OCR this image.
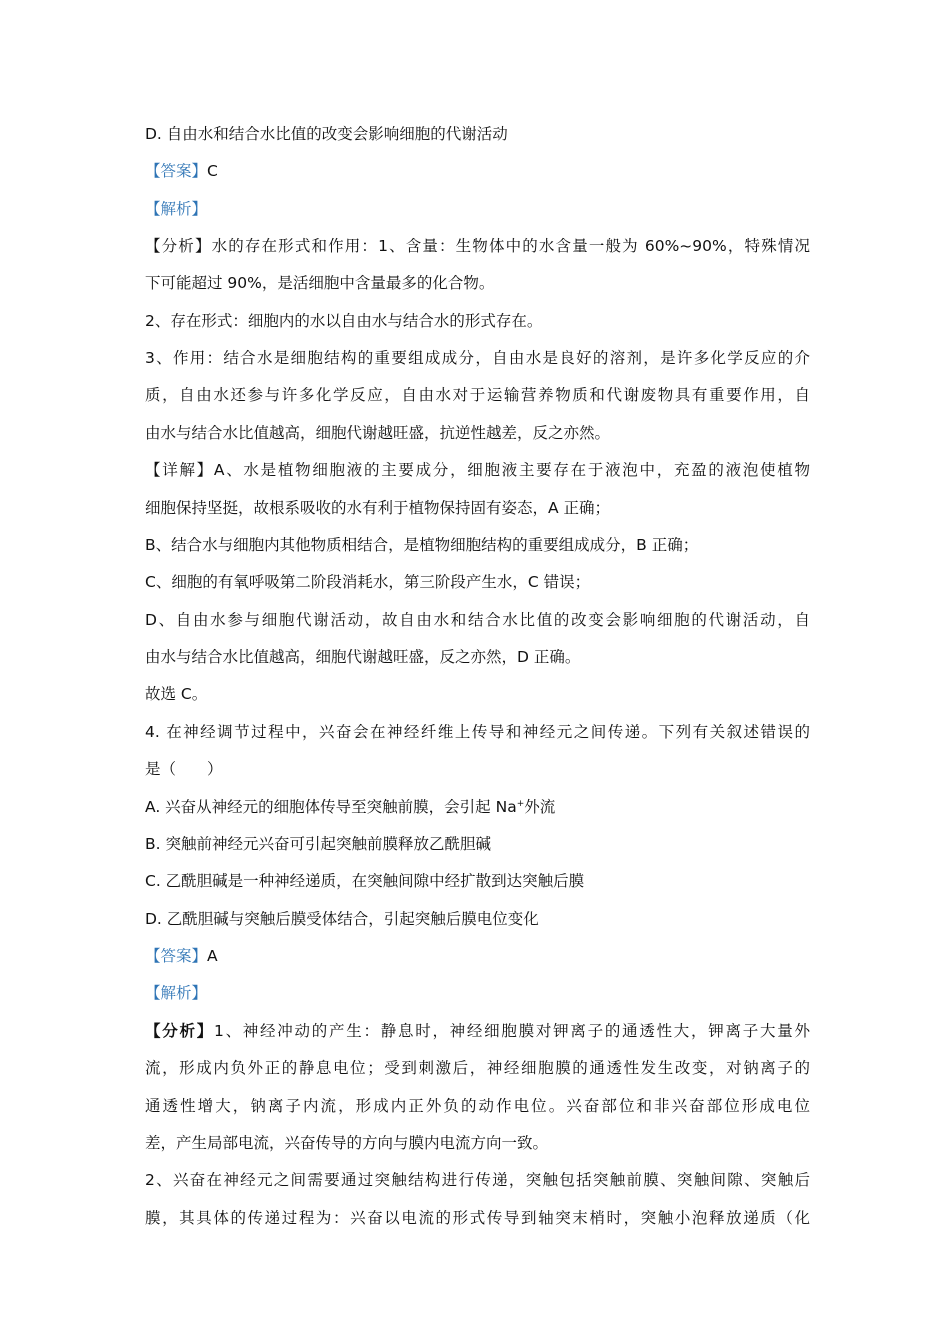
D. 自由水和结合水比值的改变会影响细胞的代谢活动
【答案】C
【解析】
【分析】水的存在形式和作用：1、含量：生物体中的水含量一般为 60%~90%，特殊情况
下可能超过 90%，是活细胞中含量最多的化合物。
2、存在形式：细胞内的水以自由水与结合水的形式存在。
3、作用：结合水是细胞结构的重要组成成分，自由水是良好的溶剂，是许多化学反应的介
质，自由水还参与许多化学反应，自由水对于运输营养物质和代谢废物具有重要作用，自
由水与结合水比值越高，细胞代谢越旺盛，抗逆性越差，反之亦然。
【详解】A、水是植物细胞液的主要成分，细胞液主要存在于液泡中，充盈的液泡使植物
细胞保持坚挺，故根系吸收的水有利于植物保持固有姿态，A 正确；
B、结合水与细胞内其他物质相结合，是植物细胞结构的重要组成成分，B 正确；
C、细胞的有氧呼吸第二阶段消耗水，第三阶段产生水，C 错误；
D、自由水参与细胞代谢活动，故自由水和结合水比值的改变会影响细胞的代谢活动，自
由水与结合水比值越高，细胞代谢越旺盛，反之亦然，D 正确。
故选 C。
4. 在神经调节过程中，兴奋会在神经纤维上传导和神经元之间传递。下列有关叙述错误的
是（　　）
A. 兴奋从神经元的细胞体传导至突触前膜，会引起 Na+外流
B. 突触前神经元兴奋可引起突触前膜释放乙酰胆碱
C. 乙酰胆碱是一种神经递质，在突触间隙中经扩散到达突触后膜
D. 乙酰胆碱与突触后膜受体结合，引起突触后膜电位变化
【答案】A
【解析】
【分析】1、神经冲动的产生：静息时，神经细胞膜对钾离子的通透性大，钾离子大量外
流，形成内负外正的静息电位；受到刺激后，神经细胞膜的通透性发生改变，对钠离子的
通透性增大，钠离子内流，形成内正外负的动作电位。兴奋部位和非兴奋部位形成电位
差，产生局部电流，兴奋传导的方向与膜内电流方向一致。
2、兴奋在神经元之间需要通过突触结构进行传递，突触包括突触前膜、突触间隙、突触后
膜，其具体的传递过程为：兴奋以电流的形式传导到轴突末梢时，突触小泡释放递质（化
